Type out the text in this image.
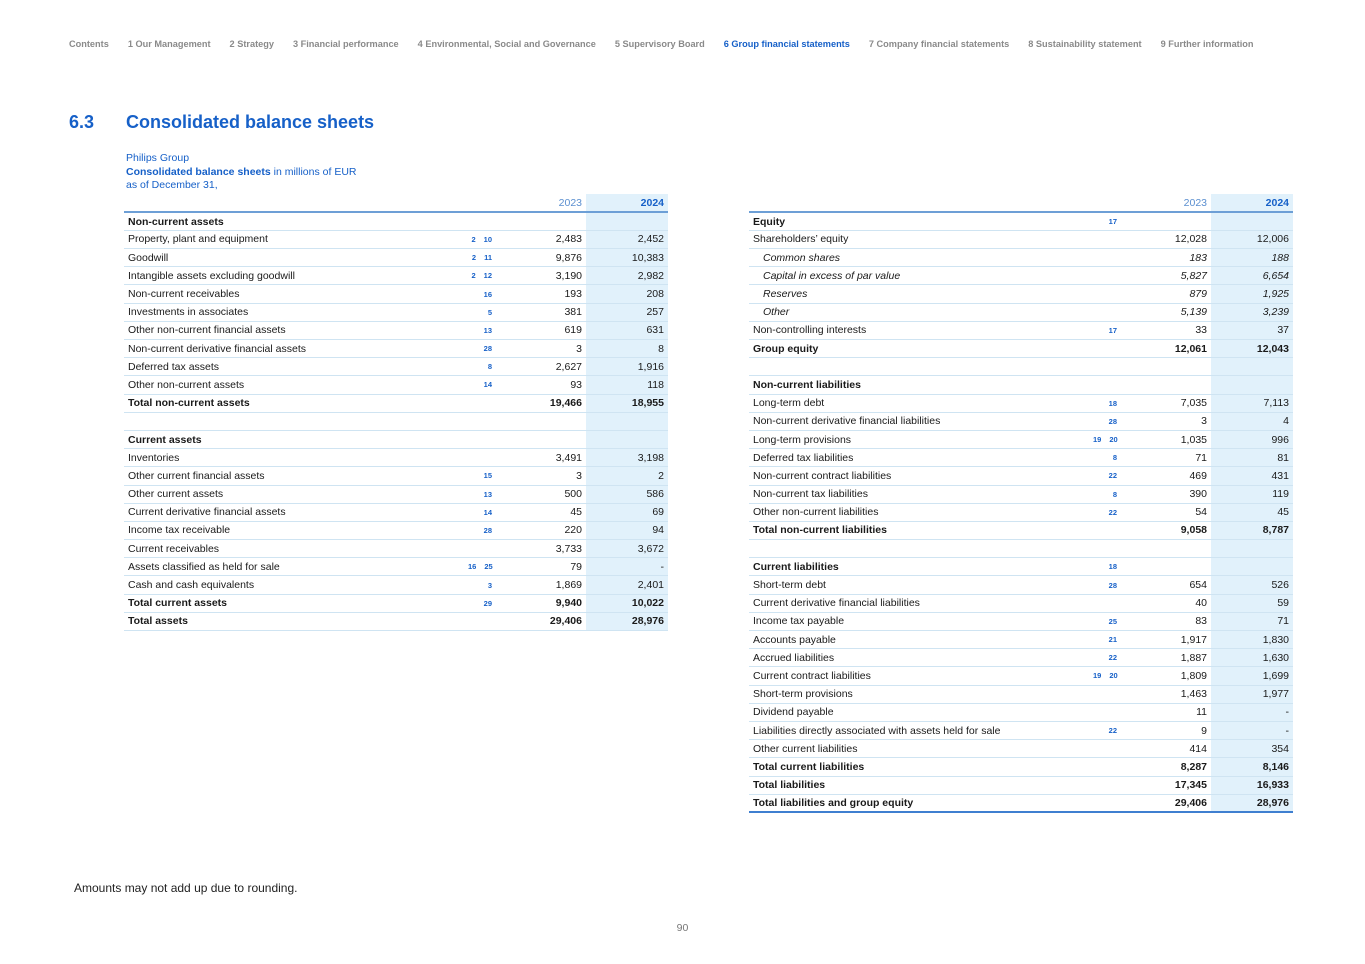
Contents 1 Our Management 2 Strategy 3 Financial performance 4 Environmental, Social and Governance 5 Supervisory Board 6 Group financial statements 7 Company financial statements 8 Sustainability statement 9 Further information
6.3 Consolidated balance sheets
Philips Group
Consolidated balance sheets in millions of EUR
as of December 31,
		2023	2024
Non-current assets			
Property, plant and equipment	2 10	2,483	2,452
Goodwill	2 11	9,876	10,383
Intangible assets excluding goodwill	2 12	3,190	2,982
Non-current receivables	16	193	208
Investments in associates	5	381	257
Other non-current financial assets	13	619	631
Non-current derivative financial assets	28	3	8
Deferred tax assets	8	2,627	1,916
Other non-current assets	14	93	118
Total non-current assets		19,466	18,955

Current assets			
Inventories		3,491	3,198
Other current financial assets	15	3	2
Other current assets	13	500	586
Current derivative financial assets	14	45	69
Income tax receivable	28	220	94
Current receivables		3,733	3,672
Assets classified as held for sale	16 25	79	-
Cash and cash equivalents	3	1,869	2,401
Total current assets	29	9,940	10,022
Total assets		29,406	28,976
		2023	2024
Equity	17		
Shareholders’ equity		12,028	12,006
Common shares		183	188
Capital in excess of par value		5,827	6,654
Reserves		879	1,925
Other		5,139	3,239
Non-controlling interests	17	33	37
Group equity		12,061	12,043

Non-current liabilities			
Long-term debt	18	7,035	7,113
Non-current derivative financial liabilities	28	3	4
Long-term provisions	19 20	1,035	996
Deferred tax liabilities	8	71	81
Non-current contract liabilities	22	469	431
Non-current tax liabilities	8	390	119
Other non-current liabilities	22	54	45
Total non-current liabilities		9,058	8,787

Current liabilities	18		
Short-term debt	28	654	526
Current derivative financial liabilities		40	59
Income tax payable	25	83	71
Accounts payable	21	1,917	1,830
Accrued liabilities	22	1,887	1,630
Current contract liabilities	19 20	1,809	1,699
Short-term provisions		1,463	1,977
Dividend payable		11	-
Liabilities directly associated with assets held for sale	22	9	-
Other current liabilities		414	354
Total current liabilities		8,287	8,146
Total liabilities		17,345	16,933
Total liabilities and group equity		29,406	28,976
Amounts may not add up due to rounding.
90
